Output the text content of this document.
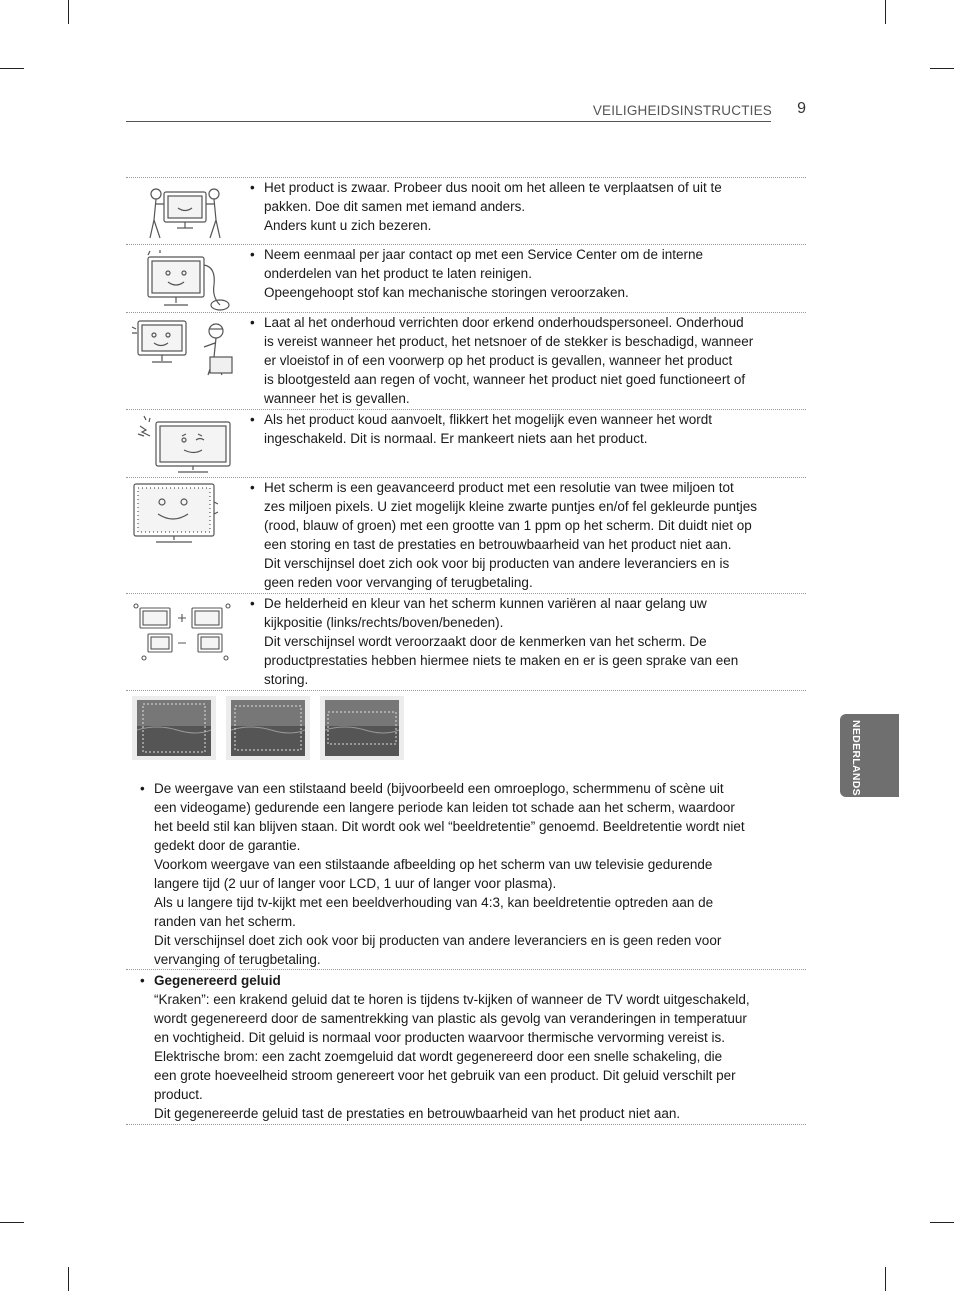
VEILIGHEIDSINSTRUCTIES	9
NEDERLANDS
• Het product is zwaar. Probeer dus nooit om het alleen te verplaatsen of uit te
pakken. Doe dit samen met iemand anders.
Anders kunt u zich bezeren.
• Neem eenmaal per jaar contact op met een Service Center om de interne
onderdelen van het product te laten reinigen.
Opeengehoopt stof kan mechanische storingen veroorzaken.
• Laat al het onderhoud verrichten door erkend onderhoudspersoneel. Onderhoud
is vereist wanneer het product, het netsnoer of de stekker is beschadigd, wanneer
er vloeistof in of een voorwerp op het product is gevallen, wanneer het product
is blootgesteld aan regen of vocht, wanneer het product niet goed functioneert of
wanneer het is gevallen.
• Als het product koud aanvoelt, flikkert het mogelijk even wanneer het wordt
ingeschakeld. Dit is normaal. Er mankeert niets aan het product.
• Het scherm is een geavanceerd product met een resolutie van twee miljoen tot
zes miljoen pixels. U ziet mogelijk kleine zwarte puntjes en/of fel gekleurde puntjes
(rood, blauw of groen) met een grootte van 1 ppm op het scherm. Dit duidt niet op
een storing en tast de prestaties en betrouwbaarheid van het product niet aan.
Dit verschijnsel doet zich ook voor bij producten van andere leveranciers en is
geen reden voor vervanging of terugbetaling.
• De helderheid en kleur van het scherm kunnen variëren al naar gelang uw
kijkpositie (links/rechts/boven/beneden).
Dit verschijnsel wordt veroorzaakt door de kenmerken van het scherm. De
productprestaties hebben hiermee niets te maken en er is geen sprake van een
storing.
• De weergave van een stilstaand beeld (bijvoorbeeld een omroeplogo, schermmenu of scène uit

een videogame) gedurende een langere periode kan leiden tot schade aan het scherm, waardoor

het beeld stil kan blijven staan. Dit wordt ook wel “beeldretentie” genoemd. Beeldretentie wordt niet

gedekt door de garantie.

Voorkom weergave van een stilstaande afbeelding op het scherm van uw televisie gedurende

langere tijd (2 uur of langer voor LCD, 1 uur of langer voor plasma).

Als u langere tijd tv-kijkt met een beeldverhouding van 4:3, kan beeldretentie optreden aan de

randen van het scherm.

Dit verschijnsel doet zich ook voor bij producten van andere leveranciers en is geen reden voor

vervanging of terugbetaling.

• Gegenereerd geluid

“Kraken”: een krakend geluid dat te horen is tijdens tv-kijken of wanneer de TV wordt uitgeschakeld,

wordt gegenereerd door de samentrekking van plastic als gevolg van veranderingen in temperatuur

en vochtigheid. Dit geluid is normaal voor producten waarvoor thermische vervorming vereist is.

Elektrische brom: een zacht zoemgeluid dat wordt gegenereerd door een snelle schakeling, die

een grote hoeveelheid stroom genereert voor het gebruik van een product. Dit geluid verschilt per

product.

Dit gegenereerde geluid tast de prestaties en betrouwbaarheid van het product niet aan.
